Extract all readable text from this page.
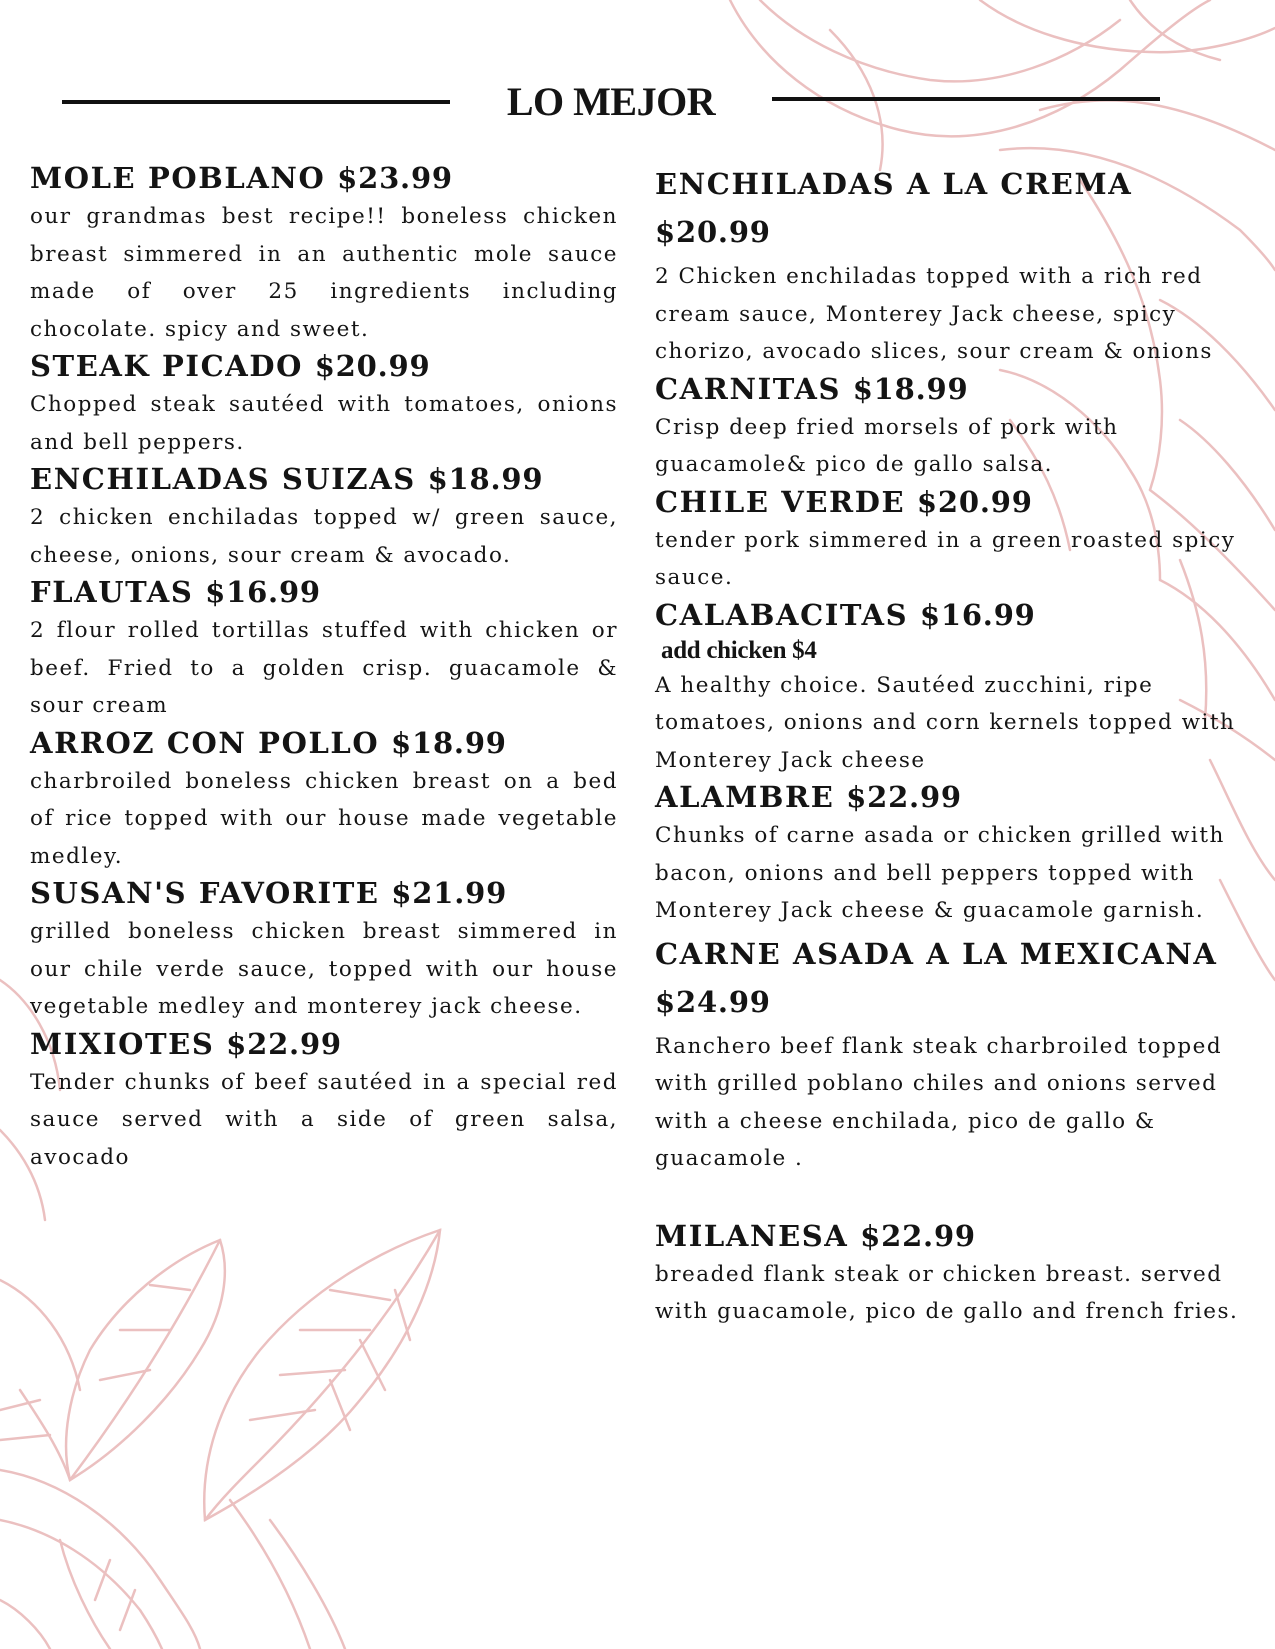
LO MEJOR
MOLE POBLANO $23.99
our grandmas best recipe!! boneless chicken breast simmered in an authentic mole sauce made of over 25 ingredients including chocolate. spicy and sweet.
STEAK PICADO $20.99
Chopped steak sautéed with tomatoes, onions and bell peppers.
ENCHILADAS SUIZAS $18.99
2 chicken enchiladas topped w/ green sauce, cheese, onions, sour cream & avocado.
FLAUTAS $16.99
2 flour rolled tortillas stuffed with chicken or beef. Fried to a golden crisp. guacamole & sour cream
ARROZ CON POLLO $18.99
charbroiled boneless chicken breast on a bed of rice topped with our house made vegetable medley.
SUSAN'S FAVORITE $21.99
grilled boneless chicken breast simmered in our chile verde sauce, topped with our house vegetable medley and monterey jack cheese.
MIXIOTES $22.99
Tender chunks of beef sautéed in a special red sauce served with a side of green salsa, avocado
ENCHILADAS A LA CREMA
$20.99
2 Chicken enchiladas topped with a rich red cream sauce, Monterey Jack cheese, spicy chorizo, avocado slices, sour cream & onions
CARNITAS $18.99
Crisp deep fried morsels of pork with guacamole& pico de gallo salsa.
CHILE VERDE $20.99
tender pork simmered in a green roasted spicy sauce.
CALABACITAS $16.99
add chicken $4
A healthy choice. Sautéed zucchini, ripe tomatoes, onions and corn kernels topped with Monterey Jack cheese
ALAMBRE $22.99
Chunks of carne asada or chicken grilled with bacon, onions and bell peppers topped with Monterey Jack cheese & guacamole garnish.
CARNE ASADA A LA MEXICANA
$24.99
Ranchero beef flank steak charbroiled topped with grilled poblano chiles and onions served with a cheese enchilada, pico de gallo & guacamole .
MILANESA $22.99
breaded flank steak or chicken breast. served with guacamole, pico de gallo and french fries.
